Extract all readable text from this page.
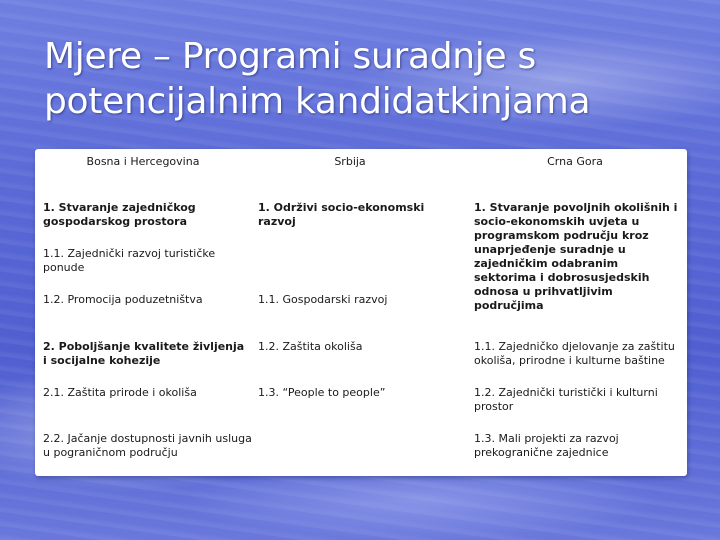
Mjere – Programi suradnje s potencijalnim kandidatkinjama
Bosna i Hercegovina	Srbija	Crna Gora
1. Stvaranje zajedničkog gospodarskog prostora
1.1. Zajednički razvoj turističke ponude
1.2. Promocija poduzetništva
2. Poboljšanje kvalitete življenja i socijalne kohezije
2.1. Zaštita prirode i okoliša
2.2. Jačanje dostupnosti javnih usluga u pograničnom području
1. Održivi socio-ekonomski razvoj
1.1. Gospodarski razvoj
1.2. Zaštita okoliša
1.3. “People to people”
1. Stvaranje povoljnih okolišnih i socio-ekonomskih uvjeta u programskom području kroz unaprjeđenje suradnje u zajedničkim odabranim sektorima i dobrosusjedskih odnosa u prihvatljivim područjima
1.1. Zajedničko djelovanje za zaštitu okoliša, prirodne i kulturne baštine
1.2. Zajednički turistički i kulturni prostor
1.3. Mali projekti za razvoj prekogranične zajednice
